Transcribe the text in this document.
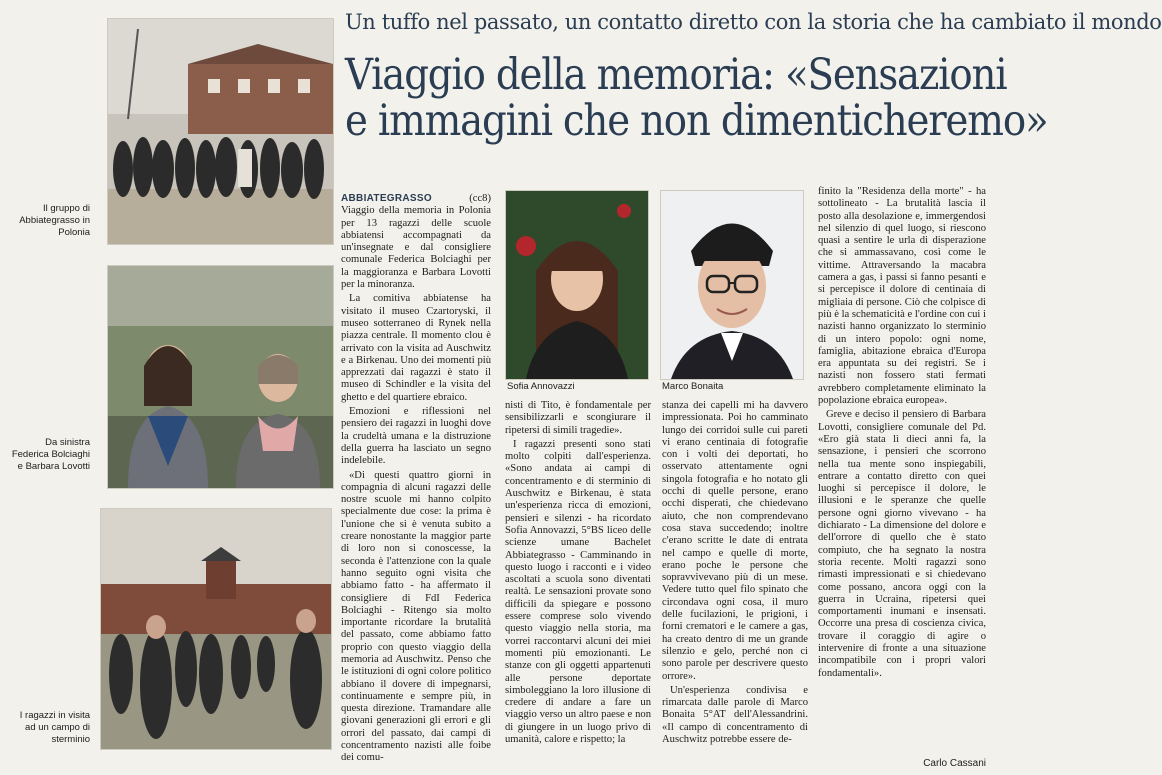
Un tuffo nel passato, un contatto diretto con la storia che ha cambiato il mondo
Viaggio della memoria: «Sensazioni
e immagini che non dimenticheremo»
Il gruppo di Abbiategrasso in Polonia
Da sinistra Federica Bolciaghi e Barbara Lovotti
I ragazzi in visita ad un campo di sterminio
Sofia Annovazzi	Marco Bonaita

ABBIATEGRASSO	(cc8) Viaggio della memoria in Polonia per 13 ragazzi delle scuole abbiatensi accompagnati da un'insegnate e dal consigliere comunale Federica Bolciaghi per la maggioranza e Barbara Lovotti per la minoranza.

La comitiva abbiatense ha visitato il museo Czartoryski, il museo sotterraneo di Rynek nella piazza centrale. Il momento clou è arrivato con la visita ad Auschwitz e a Birkenau. Uno dei momenti più apprezzati dai ragazzi è stato il museo di Schindler e la visita del ghetto e del quartiere ebraico.

Emozioni e riflessioni nel pensiero dei ragazzi in luoghi dove la crudeltà umana e la distruzione della guerra ha lasciato un segno indelebile.

«Di questi quattro giorni in compagnia di alcuni ragazzi delle nostre scuole mi hanno colpito specialmente due cose: la prima è l'unione che si è venuta subito a creare nonostante la maggior parte di loro non si conoscesse, la seconda è l'attenzione con la quale hanno seguito ogni visita che abbiamo fatto - ha affermato il consigliere di FdI Federica Bolciaghi - Ritengo sia molto importante ricordare la brutalità del passato, come abbiamo fatto proprio con questo viaggio della memoria ad Auschwitz. Penso che le istituzioni di ogni colore politico abbiano il dovere di impegnarsi, continuamente e sempre più, in questa direzione. Tramandare alle giovani generazioni gli errori e gli orrori del passato, dai campi di concentramento nazisti alle foibe dei comu-

nisti di Tito, è fondamentale per sensibilizzarli e scongiurare il ripetersi di simili tragedie».

I ragazzi presenti sono stati molto colpiti dall'esperienza. «Sono andata ai campi di concentramento e di sterminio di Auschwitz e Birkenau, è stata un'esperienza ricca di emozioni, pensieri e silenzi - ha ricordato Sofia Annovazzi, 5°BS liceo delle scienze umane Bachelet Abbiategrasso - Camminando in questo luogo i racconti e i video ascoltati a scuola sono diventati realtà. Le sensazioni provate sono difficili da spiegare e possono essere comprese solo vivendo questo viaggio nella storia, ma vorrei raccontarvi alcuni dei miei momenti più emozionanti. Le stanze con gli oggetti appartenuti alle persone deportate simboleggiano la loro illusione di credere di andare a fare un viaggio verso un altro paese e non di giungere in un luogo privo di umanità, calore e rispetto; la

stanza dei capelli mi ha davvero impressionata. Poi ho camminato lungo dei corridoi sulle cui pareti vi erano centinaia di fotografie con i volti dei deportati, ho osservato attentamente ogni singola fotografia e ho notato gli occhi di quelle persone, erano occhi disperati, che chiedevano aiuto, che non comprendevano cosa stava succedendo; inoltre c'erano scritte le date di entrata nel campo e quelle di morte, erano poche le persone che sopravvivevano più di un mese. Vedere tutto quel filo spinato che circondava ogni cosa, il muro delle fucilazioni, le prigioni, i forni crematori e le camere a gas, ha creato dentro di me un grande silenzio e gelo, perché non ci sono parole per descrivere questo orrore».

Un'esperienza condivisa e rimarcata dalle parole di Marco Bonaita 5°AT dell'Alessandrini. «Il campo di concentramento di Auschwitz potrebbe essere de-

finito la "Residenza della morte" - ha sottolineato - La brutalità lascia il posto alla desolazione e, immergendosi nel silenzio di quel luogo, si riescono quasi a sentire le urla di disperazione che si ammassavano, così come le vittime. Attraversando la macabra camera a gas, i passi si fanno pesanti e si percepisce il dolore di centinaia di migliaia di persone. Ciò che colpisce di più è la schematicità e l'ordine con cui i nazisti hanno organizzato lo sterminio di un intero popolo: ogni nome, famiglia, abitazione ebraica d'Europa era appuntata su dei registri. Se i nazisti non fossero stati fermati avrebbero completamente eliminato la popolazione ebraica europea».

Greve e deciso il pensiero di Barbara Lovotti, consigliere comunale del Pd. «Ero già stata lì dieci anni fa, la sensazione, i pensieri che scorrono nella tua mente sono inspiegabili, entrare a contatto diretto con quei luoghi si percepisce il dolore, le illusioni e le speranze che quelle persone ogni giorno vivevano - ha dichiarato - La dimensione del dolore e dell'orrore di quello che è stato compiuto, che ha segnato la nostra storia recente. Molti ragazzi sono rimasti impressionati e si chiedevano come possano, ancora oggi con la guerra in Ucraina, ripetersi quei comportamenti inumani e insensati. Occorre una presa di coscienza civica, trovare il coraggio di agire o intervenire di fronte a una situazione incompatibile con i propri valori fondamentali».

Carlo Cassani
